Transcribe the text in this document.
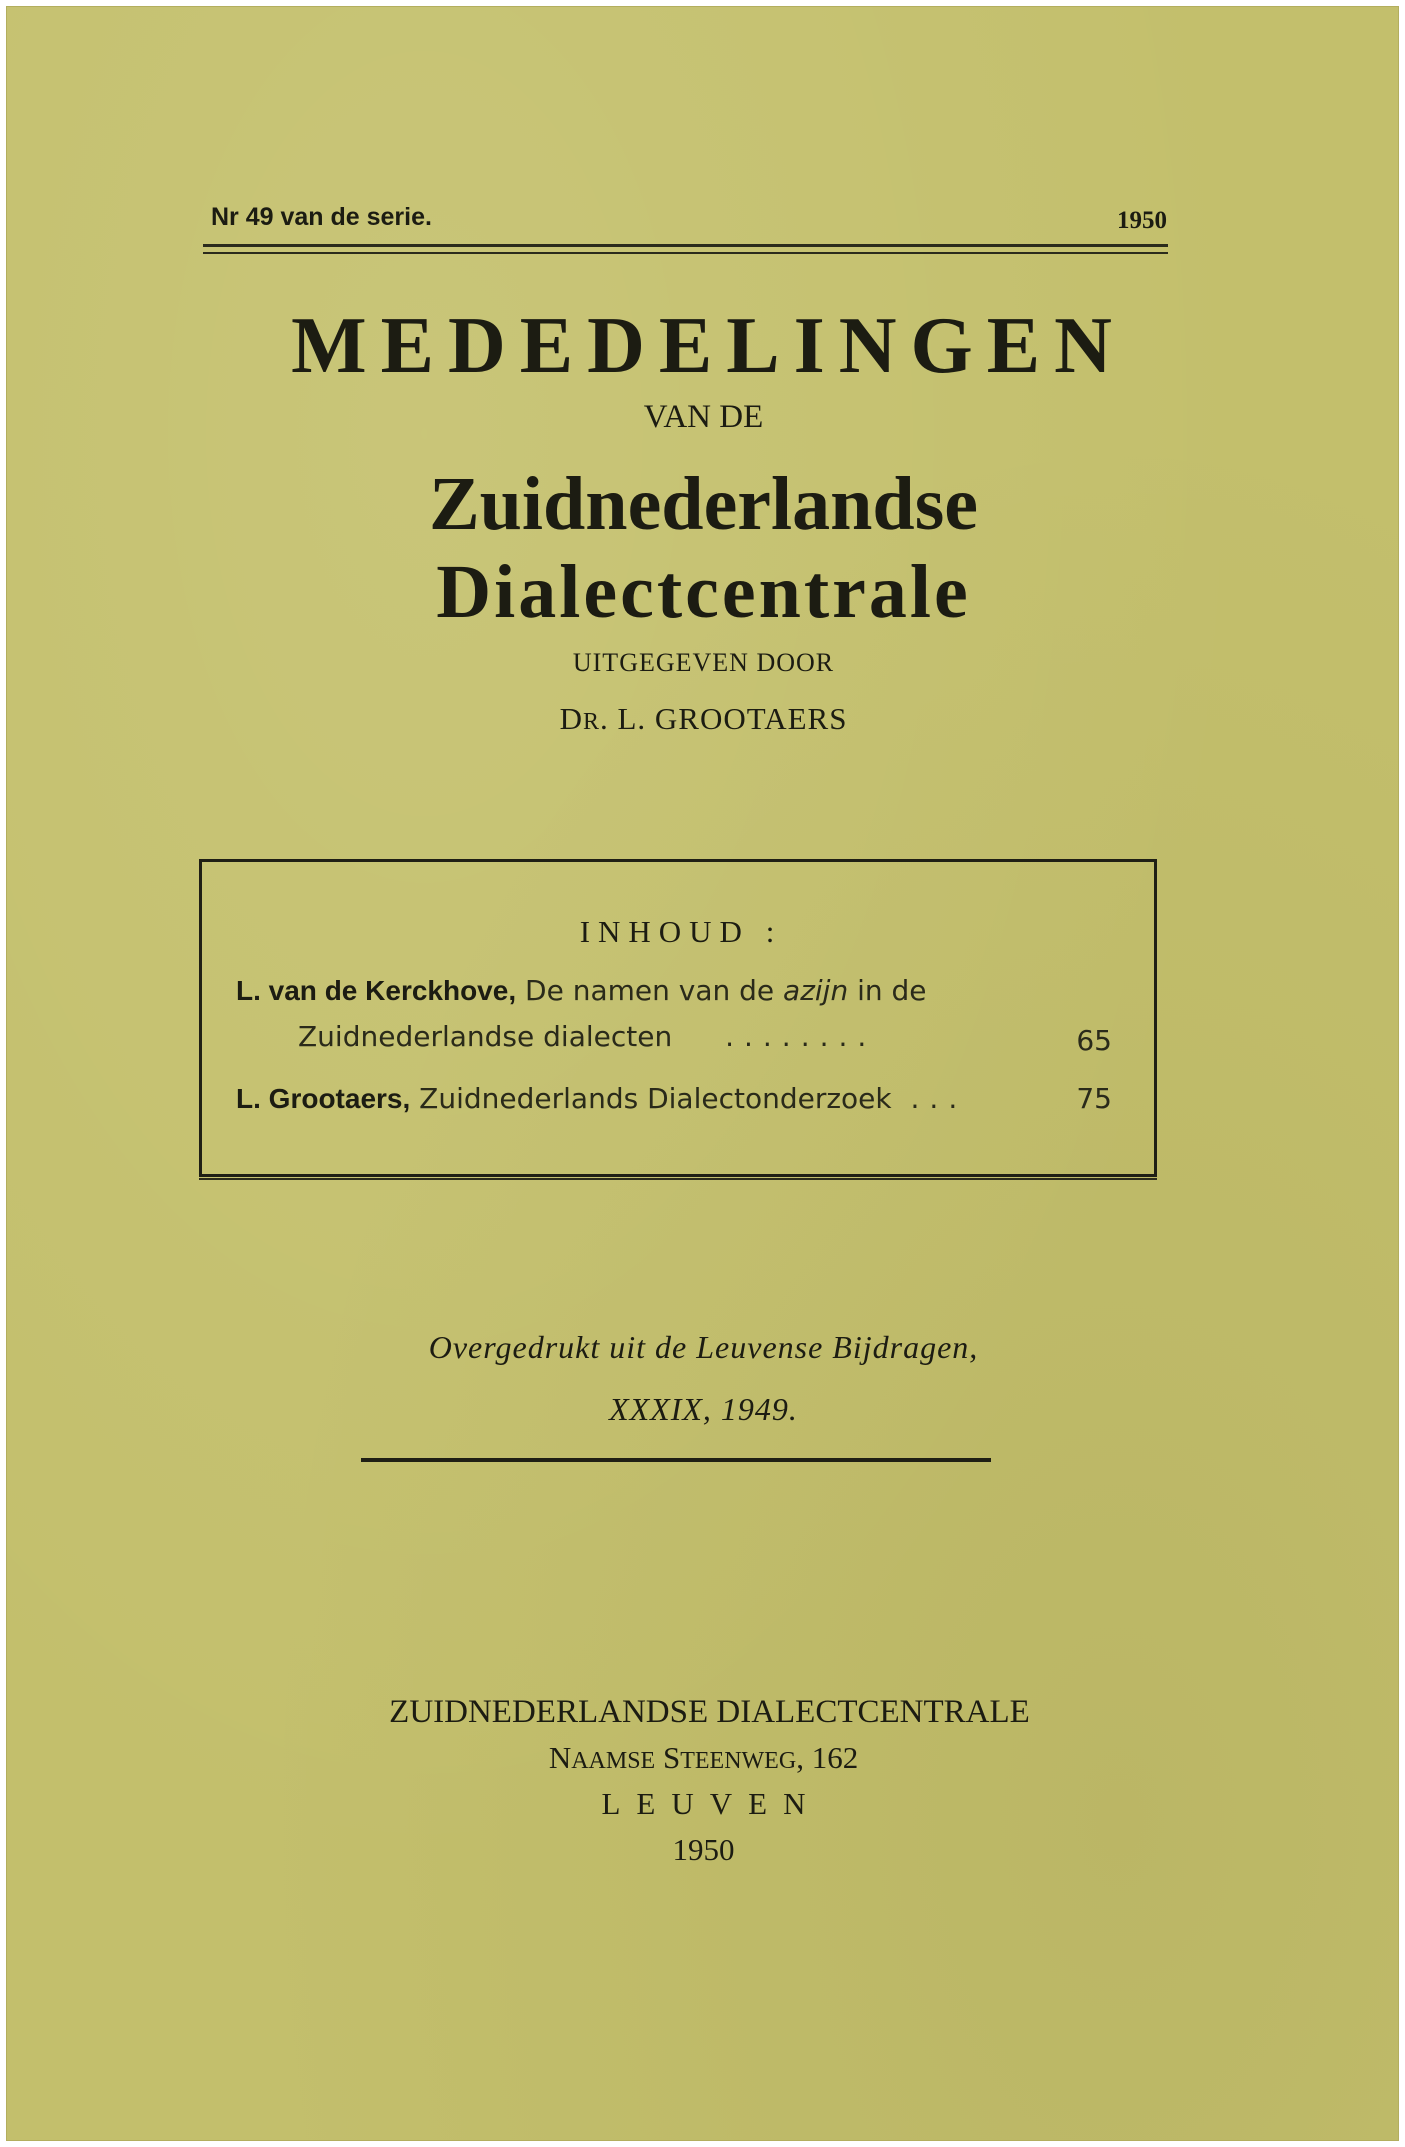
Nr 49 van de serie.	1950
MEDEDELINGEN
VAN DE
Zuidnederlandse
Dialectcentrale
UITGEGEVEN DOOR
DR. L. GROOTAERS
INHOUD :
L. van de Kerckhove, De namen van de azijn in de
Zuidnederlandse dialecten ........	65
L. Grootaers, Zuidnederlands Dialectonderzoek ...	75
Overgedrukt uit de Leuvense Bijdragen,
XXXIX, 1949.
ZUIDNEDERLANDSE DIALECTCENTRALE
NAAMSE STEENWEG, 162
LEUVEN
1950
